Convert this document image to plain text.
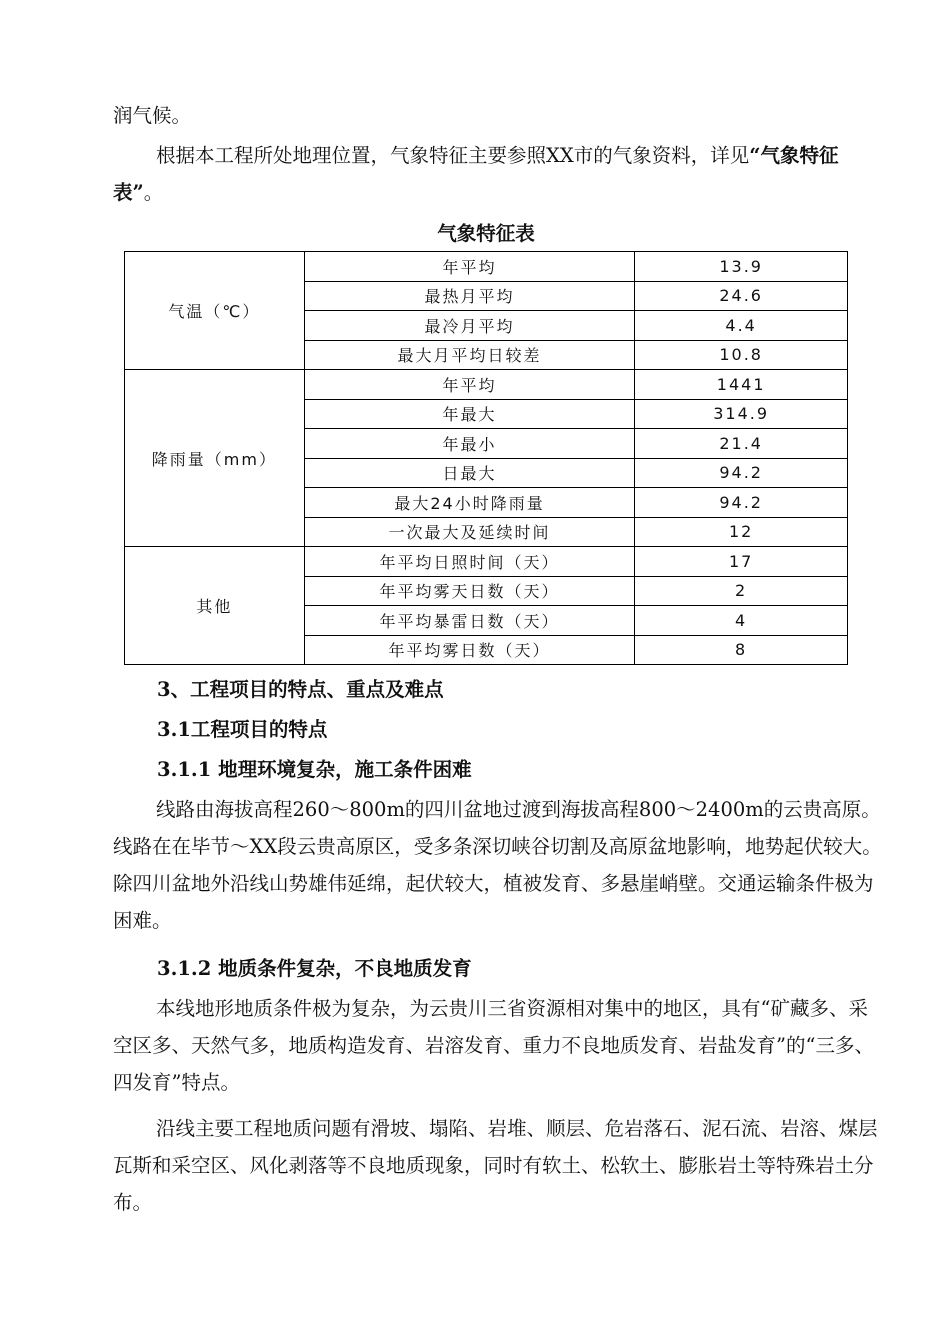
润气候。

根据本工程所处地理位置，气象特征主要参照XX市的气象资料，详见“气象特征表”。

气象特征表
气温（℃）	年平均	13.9
	最热月平均	24.6
	最冷月平均	4.4
	最大月平均日较差	10.8
降雨量（mm）	年平均	1441
	年最大	314.9
	年最小	21.4
	日最大	94.2
	最大24小时降雨量	94.2
	一次最大及延续时间	12
其他	年平均日照时间（天）	17
	年平均雾天日数（天）	2
	年平均暴雷日数（天）	4
	年平均雾日数（天）	8

3、工程项目的特点、重点及难点

3.1工程项目的特点

3.1.1 地理环境复杂，施工条件困难

线路由海拔高程260～800m的四川盆地过渡到海拔高程800～2400m的云贵高原。线路在在毕节～XX段云贵高原区，受多条深切峡谷切割及高原盆地影响，地势起伏较大。除四川盆地外沿线山势雄伟延绵，起伏较大，植被发育、多悬崖峭壁。交通运输条件极为困难。

3.1.2 地质条件复杂，不良地质发育

本线地形地质条件极为复杂，为云贵川三省资源相对集中的地区，具有“矿藏多、采空区多、天然气多，地质构造发育、岩溶发育、重力不良地质发育、岩盐发育”的“三多、四发育”特点。

沿线主要工程地质问题有滑坡、塌陷、岩堆、顺层、危岩落石、泥石流、岩溶、煤层瓦斯和采空区、风化剥落等不良地质现象，同时有软土、松软土、膨胀岩土等特殊岩土分布。
